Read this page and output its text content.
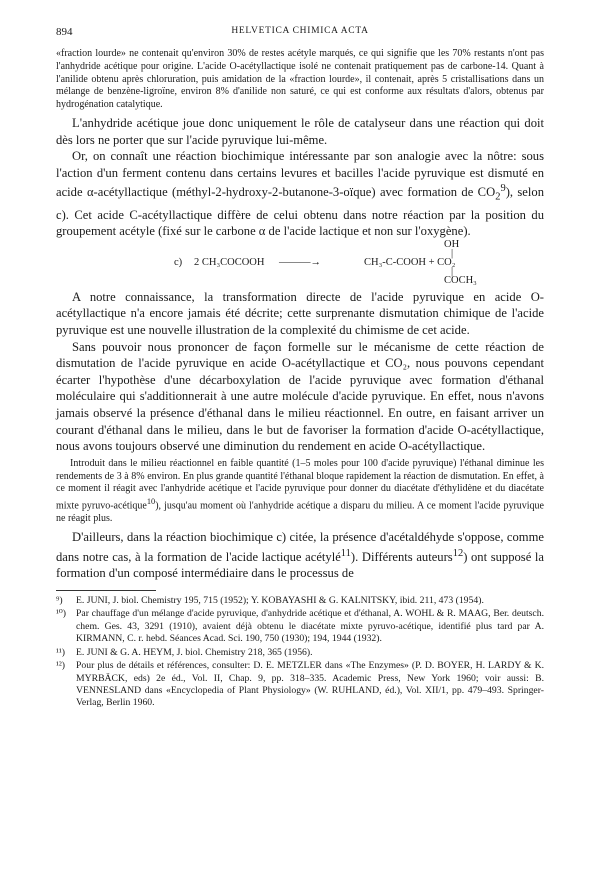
894	HELVETICA CHIMICA ACTA

«fraction lourde» ne contenait qu'environ 30% de restes acétyle marqués, ce qui signifie que les 70% restants n'ont pas l'anhydride acétique pour origine. L'acide O-acétyllactique isolé ne contenait pratiquement pas de carbone-14. Quant à l'anilide obtenu après chloruration, puis amidation de la «fraction lourde», il contenait, après 5 cristallisations dans un mélange de benzène-ligroïne, environ 8% d'anilide non saturé, ce qui est conforme aux résultats d'alors, obtenus par hydrogénation catalytique.

L'anhydride acétique joue donc uniquement le rôle de catalyseur dans une réaction qui doit dès lors ne porter que sur l'acide pyruvique lui-même.

Or, on connaît une réaction biochimique intéressante par son analogie avec la nôtre: sous l'action d'un ferment contenu dans certains levures et bacilles l'acide pyruvique est dismuté en acide α-acétyllactique (méthyl-2-hydroxy-2-butanone-3-oïque) avec formation de $CO_2^9$), selon c). Cet acide C-acétyllactique diffère de celui obtenu dans notre réaction par la position du groupement acétyle (fixé sur le carbone α de l'acide lactique et non sur l'oxygène).

OH
|
c) 2 CH₃COCOOH ———→	CH₃-C-COOH + CO₂
|
COCH₃

A notre connaissance, la transformation directe de l'acide pyruvique en acide O-acétyllactique n'a encore jamais été décrite; cette surprenante dismutation chimique de l'acide pyruvique est une nouvelle illustration de la complexité du chimisme de cet acide.

Sans pouvoir nous prononcer de façon formelle sur le mécanisme de cette réaction de dismutation de l'acide pyruvique en acide O-acétyllactique et CO₂, nous pouvons cependant écarter l'hypothèse d'une décarboxylation de l'acide pyruvique avec formation d'éthanal moléculaire qui s'additionnerait à une autre molécule d'acide pyruvique. En effet, nous n'avons jamais observé la présence d'éthanal dans le milieu réactionnel. En outre, en faisant arriver un courant d'éthanal dans le milieu, dans le but de favoriser la formation d'acide O-acétyllactique, nous avons toujours observé une diminution du rendement en acide O-acétyllactique.

Introduit dans le milieu réactionnel en faible quantité (1–5 moles pour 100 d'acide pyruvique) l'éthanal diminue les rendements de 3 à 8% environ. En plus grande quantité l'éthanal bloque rapidement la réaction de dismutation. En effet, à ce moment il réagit avec l'anhydride acétique et l'acide pyruvique pour donner du diacétate d'éthylidène et du diacétate mixte pyruvo-acétique$^{10}$), jusqu'au moment où l'anhydride acétique a disparu du milieu. A ce moment l'acide pyruvique ne réagit plus.

D'ailleurs, dans la réaction biochimique c) citée, la présence d'acétaldéhyde s'oppose, comme dans notre cas, à la formation de l'acide lactique acétylé$^{11}$). Différents auteurs$^{12}$) ont supposé la formation d'un composé intermédiaire dans le processus de

⁹) E. JUNI, J. biol. Chemistry 195, 715 (1952); Y. KOBAYASHI & G. KALNITSKY, ibid. 211, 473 (1954).
¹⁰) Par chauffage d'un mélange d'acide pyruvique, d'anhydride acétique et d'éthanal, A. WOHL & R. MAAG, Ber. deutsch. chem. Ges. 43, 3291 (1910), avaient déjà obtenu le diacétate mixte pyruvo-acétique, identifié plus tard par A. KIRMANN, C. r. hebd. Séances Acad. Sci. 190, 750 (1930); 194, 1944 (1932).
¹¹) E. JUNI & G. A. HEYM, J. biol. Chemistry 218, 365 (1956).
¹²) Pour plus de détails et références, consulter: D. E. METZLER dans «The Enzymes» (P. D. BOYER, H. LARDY & K. MYRBÄCK, eds) 2e éd., Vol. II, Chap. 9, pp. 318–335. Academic Press, New York 1960; voir aussi: B. VENNESLAND dans «Encyclopedia of Plant Physiology» (W. RUHLAND, éd.), Vol. XII/1, pp. 479–493. Springer-Verlag, Berlin 1960.
